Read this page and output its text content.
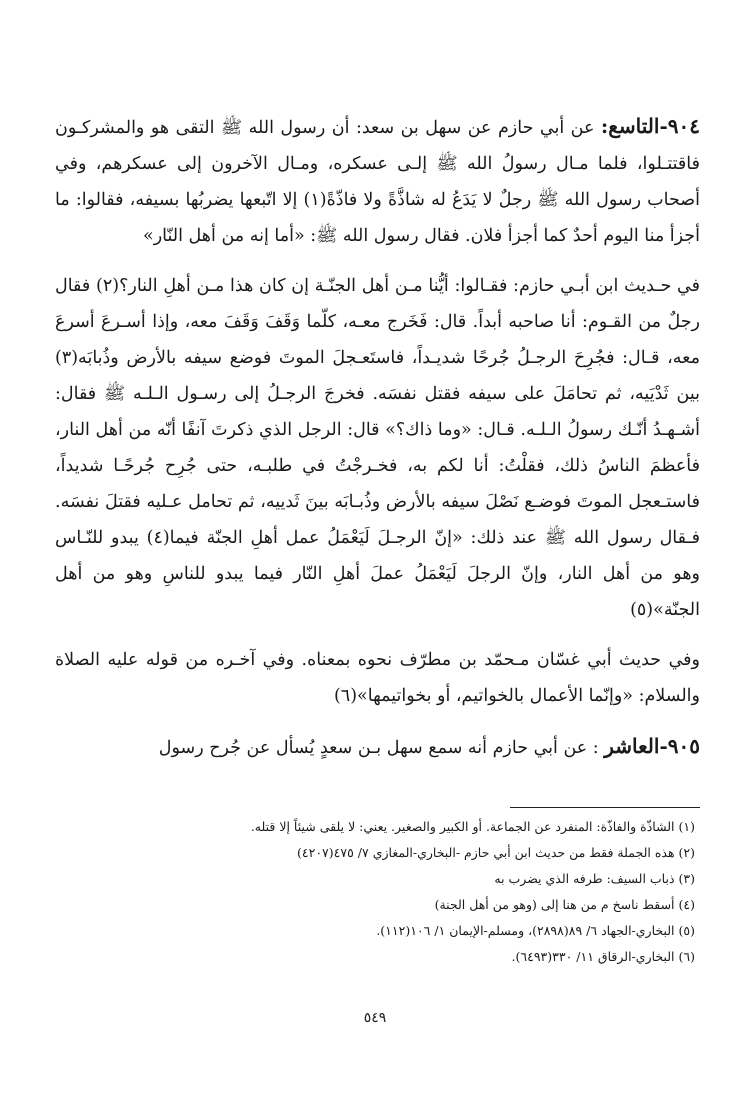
٩٠٤-التاسع: عن أبي حازم عن سهل بن سعد: أن رسول الله ﷺ التقى هو والمشركـون فاقتتـلوا، فلما مـال رسولُ الله ﷺ إلـى عسكره، ومـال الآخرون إلى عسكرهم، وفي أصحاب رسول الله ﷺ رجلٌ لا يَدَعُ له شاذَّةً ولا فاذّةً(١) إلا اتّبعها يضربُها بسيفه، فقالوا: ما أجزأ منا اليوم أحدٌ كما أجزأ فلان. فقال رسول الله ﷺ: «أما إنه من أهل النّار»

في حـديث ابن أبـي حازم: فقـالوا: أيُّنا مـن أهل الجنّـة إن كان هذا مـن أهلِ النار؟(٢) فقال رجلٌ من القـوم: أنا صاحبه أبداً. قال: فَخَرج معـه، كلّما وَقَفَ وَقَفَ معه، وإذا أسـرعَ أسرعَ معه، قـال: فجُرِحَ الرجـلُ جُرحًا شديـداً، فاستَعـجلَ الموتَ فوضع سيفه بالأرض وذُبابَه(٣) بين ثَدْيَيه، ثم تحامَلَ على سيفه فقتل نفسَه. فخرجَ الرجـلُ إلى رسـول الـلـه ﷺ فقال: أشـهـدُ أنّـك رسولُ الـلـه. قـال: «وما ذاك؟» قال: الرجل الذي ذكرتَ آنفًا أنّه من أهل النار، فأعظمَ الناسُ ذلك، فقلْتُ: أنا لكم به، فخـرجْتُ في طلبـه، حتى جُرِح جُرحًـا شديداً، فاستـعجل الموتَ فوضـع نَصْلَ سيفه بالأرض وذُبـابَه بينَ ثَدييه، ثم تحامل عـليه فقتلَ نفسَه. فـقال رسول الله ﷺ عند ذلك: «إنّ الرجـلَ لَيَعْمَلُ عمل أهلِ الجنّة فيما(٤) يبدو للنّـاس وهو من أهل النار، وإنّ الرجلَ لَيَعْمَلُ عملَ أهلِ النّار فيما يبدو للناسِ وهو من أهل الجنّة»(٥)

وفي حديث أبي غسّان مـحمّد بن مطرّف نحوه بمعناه. وفي آخـره من قوله عليه الصلاة والسلام: «وإنّما الأعمال بالخواتيم، أو بخواتيمها»(٦)

٩٠٥-العاشر : عن أبي حازم أنه سمع سهل بـن سعدٍ يُسأل عن جُرح رسول

(١) الشاذّة والفاذّة: المنفرد عن الجماعة. أو الكبير والصغير. يعني: لا يلقى شيئاً إلا قتله.

(٢) هذه الجملة فقط من حديث ابن أبي حازم -البخاري-المغازي ٧/ ٤٧٥(٤٢٠٧)

(٣) ذباب السيف: طرفه الذي يضرب به

(٤) أسقط ناسخ م من هنا إلى (وهو من أهل الجنة)

(٥) البخاري-الجهاد ٦/ ٨٩(٢٨٩٨)، ومسلم-الإيمان ١/ ١٠٦(١١٢).

(٦) البخاري-الرقاق ١١/ ٣٣٠(٦٤٩٣).

٥٤٩
